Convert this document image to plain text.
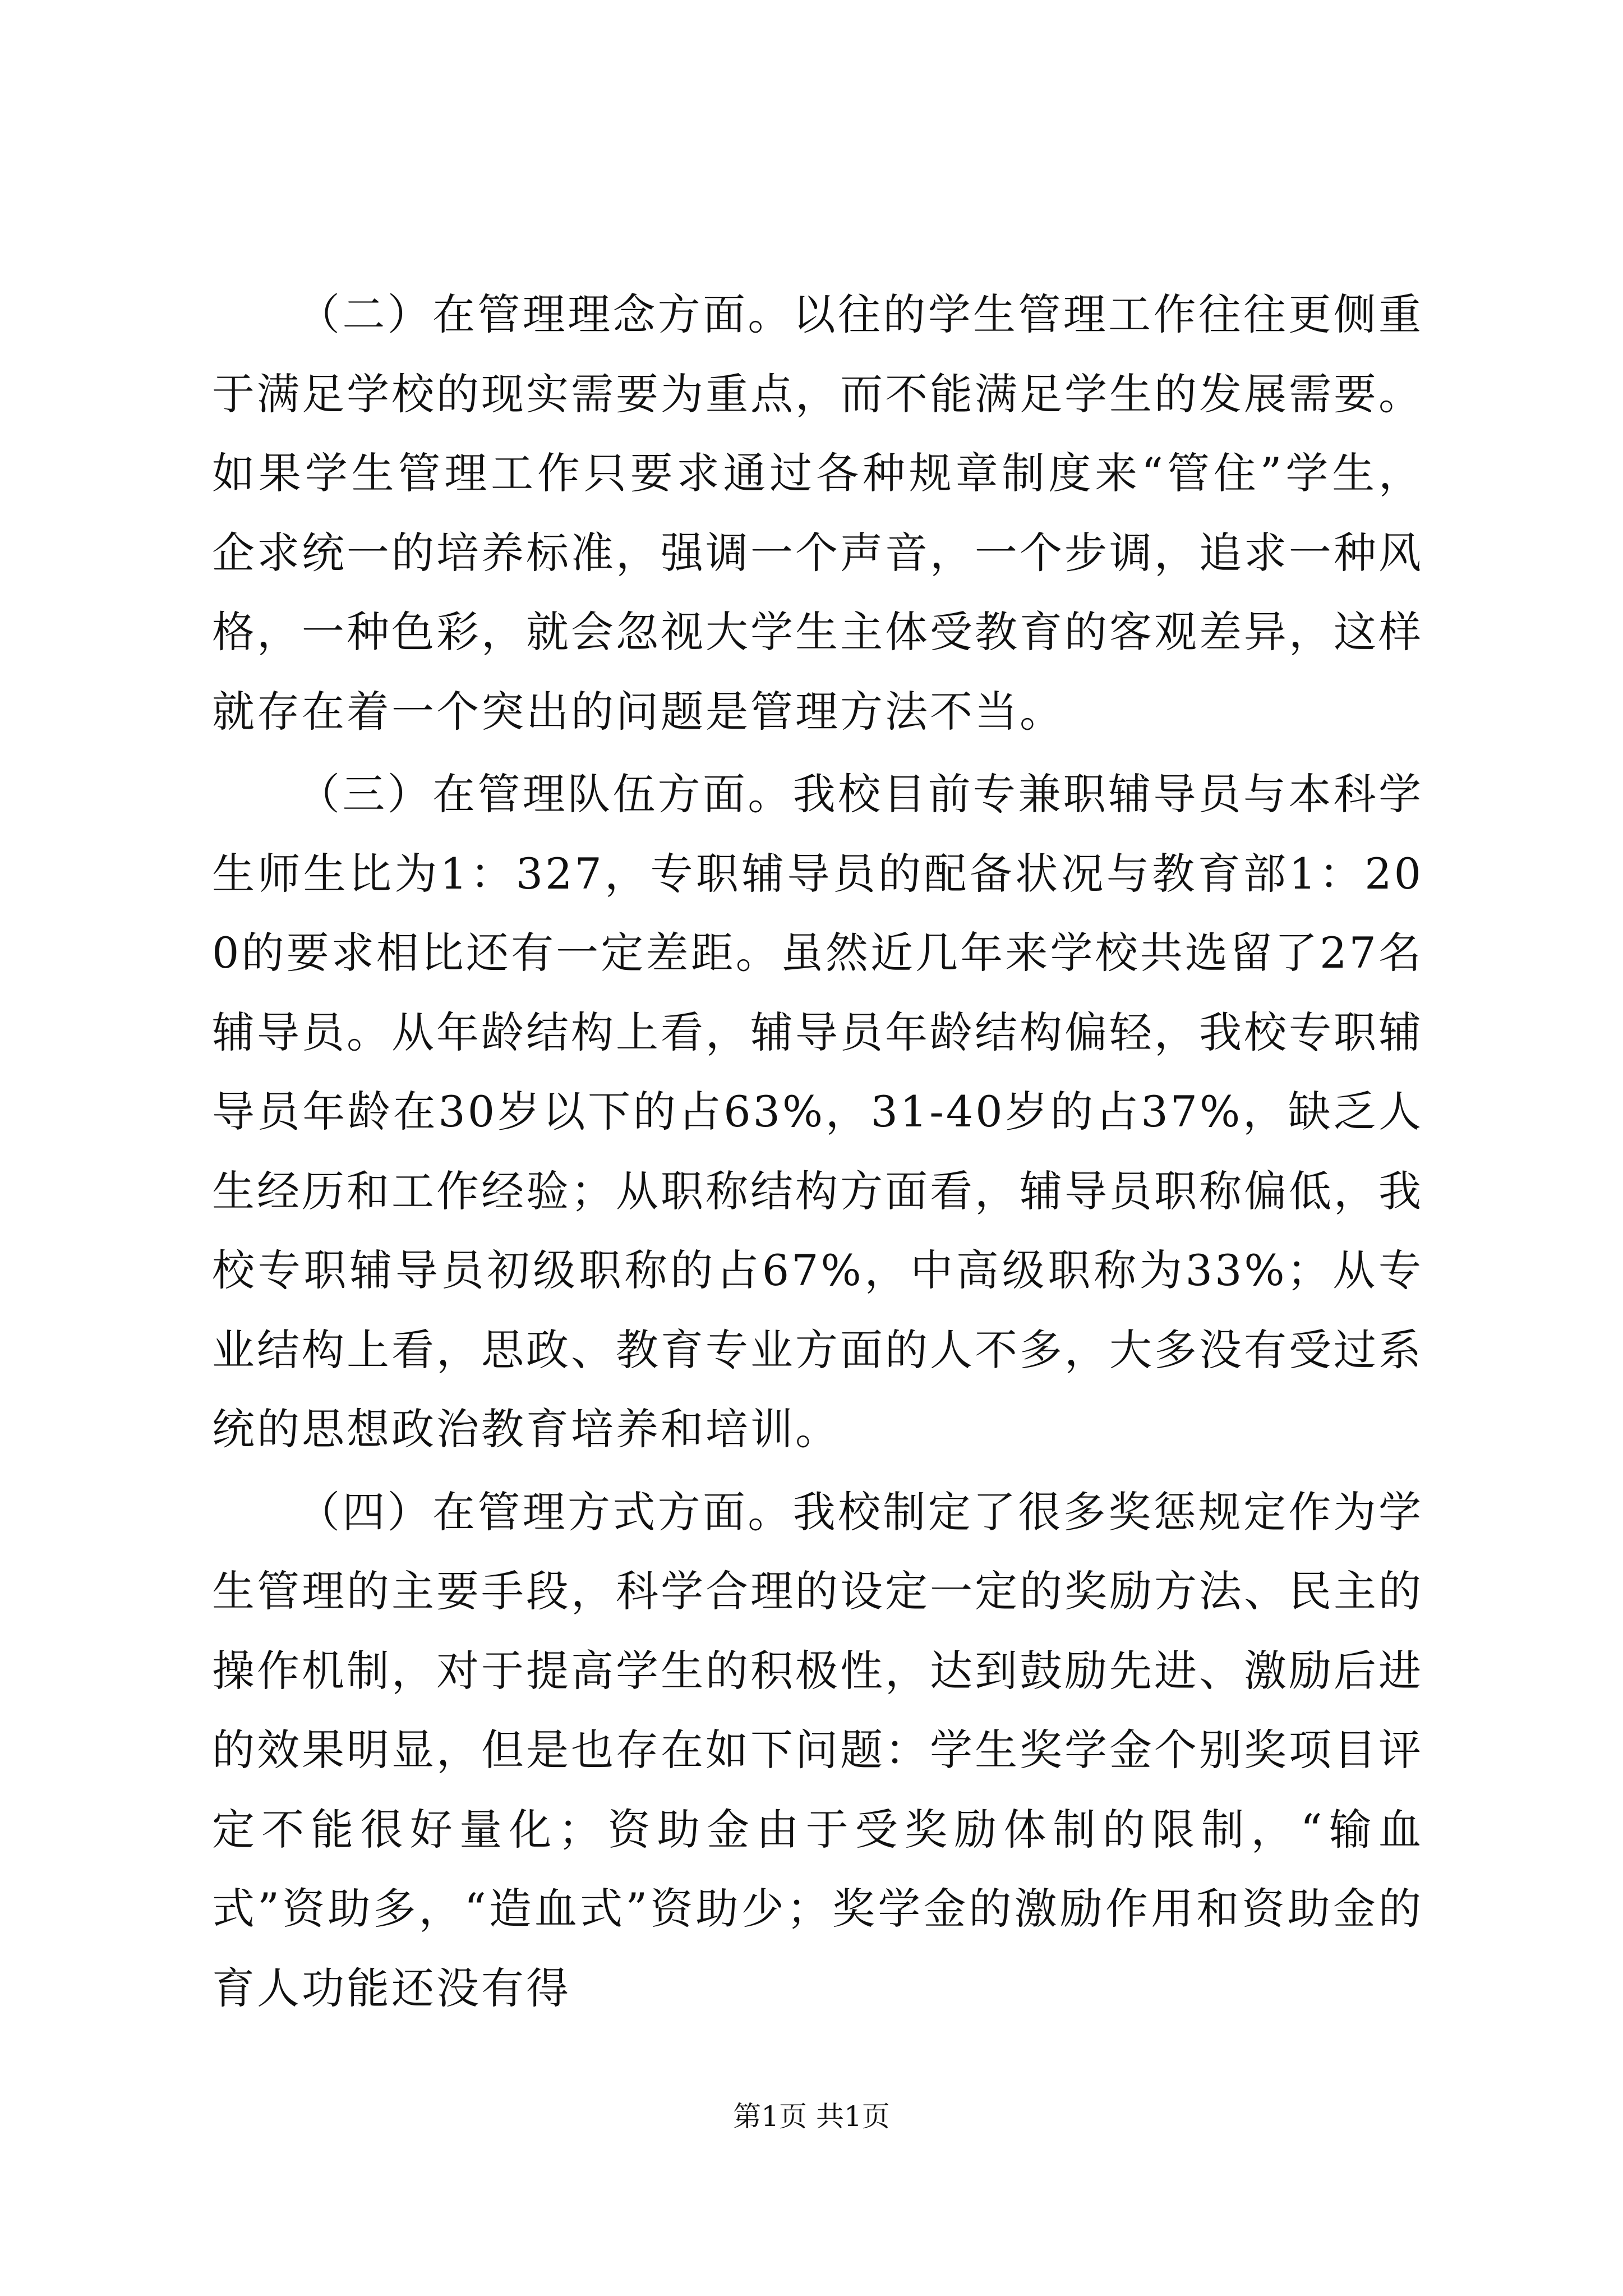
（二）在管理理念方面。以往的学生管理工作往往更侧重于满足学校的现实需要为重点，而不能满足学生的发展需要。如果学生管理工作只要求通过各种规章制度来“管住”学生，企求统一的培养标准，强调一个声音，一个步调，追求一种风格，一种色彩，就会忽视大学生主体受教育的客观差异，这样就存在着一个突出的问题是管理方法不当。

（三）在管理队伍方面。我校目前专兼职辅导员与本科学生师生比为1：327，专职辅导员的配备状况与教育部1：200的要求相比还有一定差距。虽然近几年来学校共选留了27名辅导员。从年龄结构上看，辅导员年龄结构偏轻，我校专职辅导员年龄在30岁以下的占63%，31-40岁的占37%，缺乏人生经历和工作经验；从职称结构方面看，辅导员职称偏低，我校专职辅导员初级职称的占67%，中高级职称为33%；从专业结构上看，思政、教育专业方面的人不多，大多没有受过系统的思想政治教育培养和培训。

（四）在管理方式方面。我校制定了很多奖惩规定作为学生管理的主要手段，科学合理的设定一定的奖励方法、民主的操作机制，对于提高学生的积极性，达到鼓励先进、激励后进的效果明显，但是也存在如下问题：学生奖学金个别奖项目评定不能很好量化；资助金由于受奖励体制的限制，“输血式”资助多，“造血式”资助少；奖学金的激励作用和资助金的育人功能还没有得

第1页 共1页
